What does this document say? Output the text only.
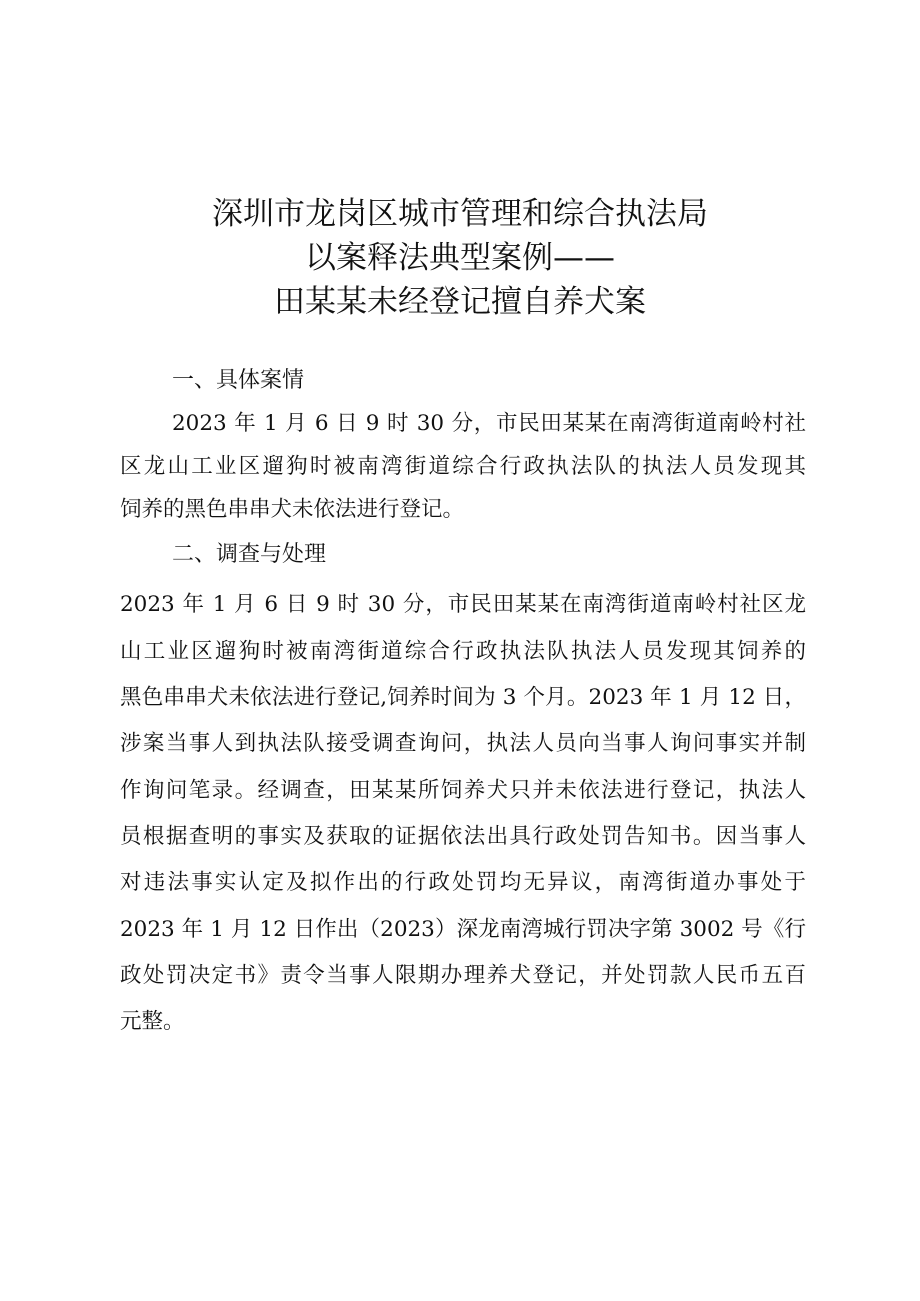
深圳市龙岗区城市管理和综合执法局
以案释法典型案例——
田某某未经登记擅自养犬案
一、具体案情
2023 年 1 月 6 日 9 时 30 分，市民田某某在南湾街道南岭村社
区龙山工业区遛狗时被南湾街道综合行政执法队的执法人员发现其
饲养的黑色串串犬未依法进行登记。
二、调查与处理
2023 年 1 月 6 日 9 时 30 分，市民田某某在南湾街道南岭村社区龙
山工业区遛狗时被南湾街道综合行政执法队执法人员发现其饲养的
黑色串串犬未依法进行登记,饲养时间为 3 个月。2023 年 1 月 12 日，
涉案当事人到执法队接受调查询问，执法人员向当事人询问事实并制
作询问笔录。经调查，田某某所饲养犬只并未依法进行登记，执法人
员根据查明的事实及获取的证据依法出具行政处罚告知书。因当事人
对违法事实认定及拟作出的行政处罚均无异议，南湾街道办事处于
2023 年 1 月 12 日作出（2023）深龙南湾城行罚决字第 3002 号《行
政处罚决定书》责令当事人限期办理养犬登记，并处罚款人民币五百
元整。
